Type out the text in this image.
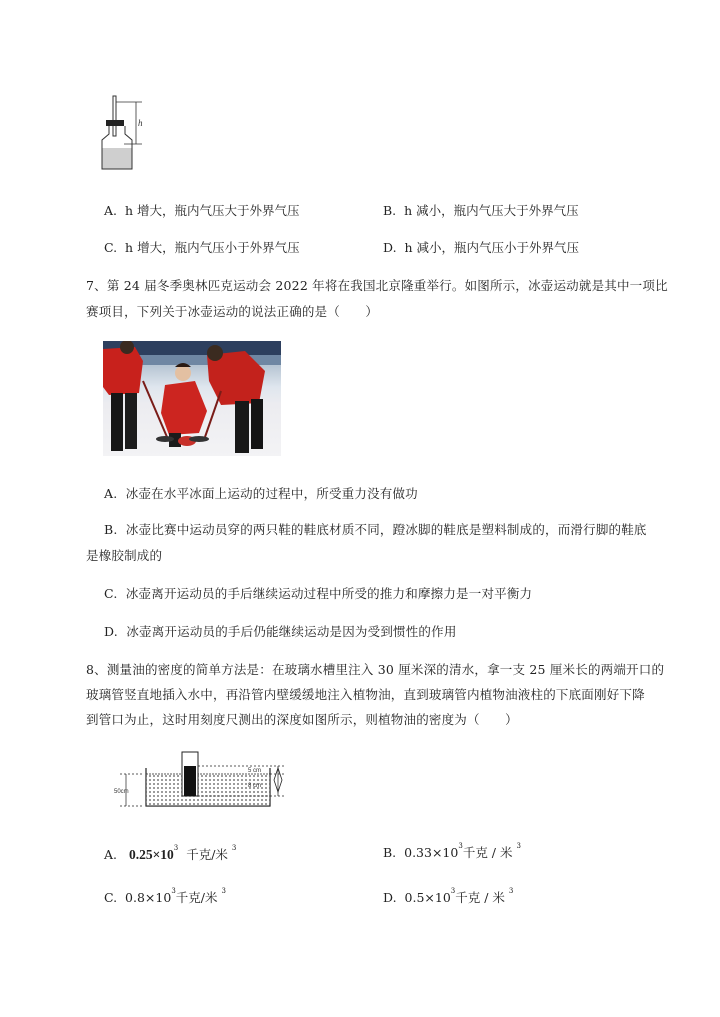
h
A. h 增大，瓶内气压大于外界气压	B. h 减小，瓶内气压大于外界气压
C. h 增大，瓶内气压小于外界气压	D. h 减小，瓶内气压小于外界气压
7、第 24 届冬季奥林匹克运动会 2022 年将在我国北京隆重举行。如图所示，冰壶运动就是其中一项比
赛项目，下列关于冰壶运动的说法正确的是（　　）
A. 冰壶在水平冰面上运动的过程中，所受重力没有做功
B. 冰壶比赛中运动员穿的两只鞋的鞋底材质不同，蹬冰脚的鞋底是塑料制成的，而滑行脚的鞋底
是橡胶制成的
C. 冰壶离开运动员的手后继续运动过程中所受的推力和摩擦力是一对平衡力
D. 冰壶离开运动员的手后仍能继续运动是因为受到惯性的作用
8、测量油的密度的简单方法是：在玻璃水槽里注入 30 厘米深的清水，拿一支 25 厘米长的两端开口的
玻璃管竖直地插入水中，再沿管内壁缓缓地注入植物油，直到玻璃管内植物油液柱的下底面刚好下降
到管口为止，这时用刻度尺测出的深度如图所示，则植物油的密度为（　　）
50cm
5 cm
8 cm
A. $0.25\times 10^3$ 千克/米 $^3$	B. $0.33\times 10^3$千克 / 米 $^3$
C. $0.8\times 10^3$千克/米 $^3$	D. $0.5\times 10^3$千克 / 米 $^3$
